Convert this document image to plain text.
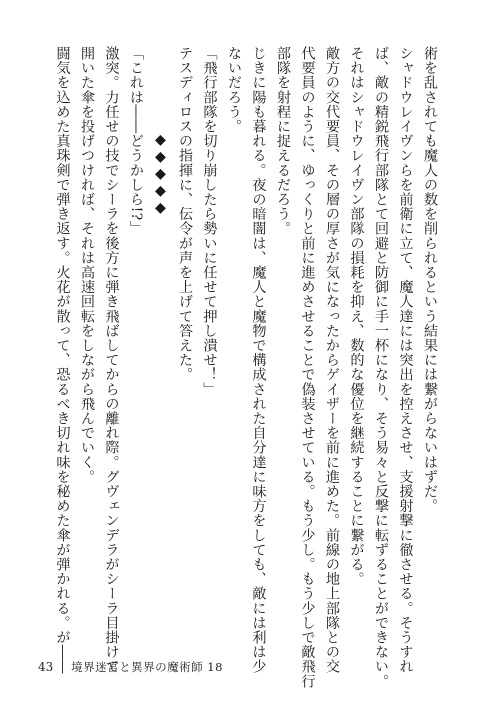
術を乱されても魔人の数を削られるという結果には繋がらないはずだ。
シャドウレイヴンらを前衛に立て、魔人達には突出を控えさせ、支援射撃に徹させる。そうすれ
ば、敵の精鋭飛行部隊とて回避と防御に手一杯になり、そう易々と反撃に転ずることができない。
それはシャドウレイヴン部隊の損耗を抑え、数的な優位を継続することに繋がる。
敵方の交代要員、その層の厚さが気になったからゲイザーを前に進めた。前線の地上部隊との交
代要員のように、ゆっくりと前に進めさせることで偽装させている。もう少し。もう少しで敵飛行
部隊を射程に捉えるだろう。
じきに陽も暮れる。夜の暗闇は、魔人と魔物で構成された自分達に味方をしても、敵には利は少
ないだろう。
「飛行部隊を切り崩したら勢いに任せて押し潰せ！」
テスディロスの指揮に、伝令が声を上げて答えた。
◆◆◆◆◆
「これは――どうかしら!?」
激突。力任せの技でシーラを後方に弾き飛ばしてからの離れ際。グヴェンデラがシーラ目掛けて
開いた傘を投げつければ、それは高速回転をしながら飛んでいく。
闘気を込めた真珠剣で弾き返す。火花が散って、恐るべき切れ味を秘めた傘が弾かれる。が――
43 境界迷宮と異界の魔術師 18
